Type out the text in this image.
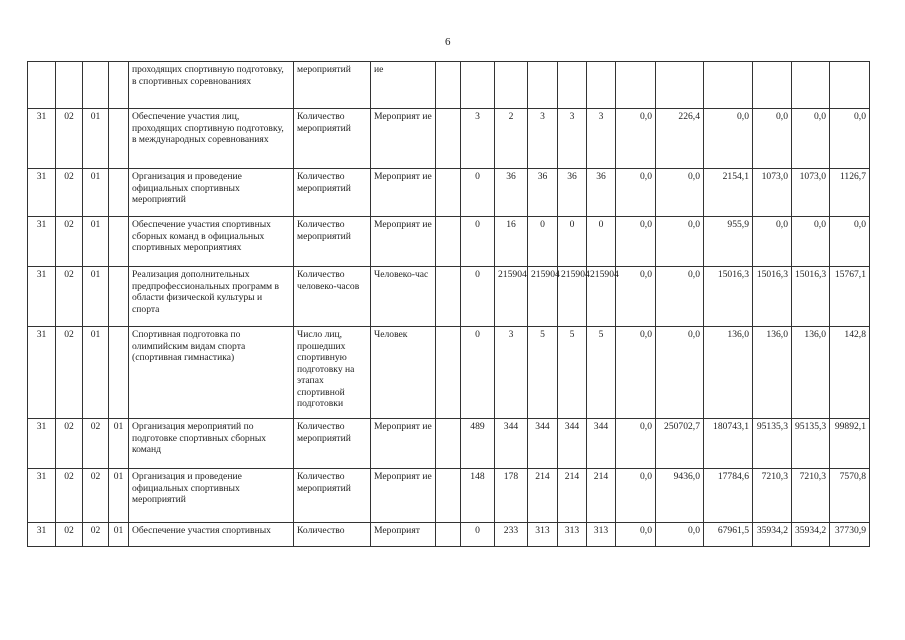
6
				проходящих спортивную подготовку, в спортивных соревнованиях	мероприятий	ие												
31	02	01		Обеспечение участия лиц, проходящих спортивную подготовку, в международных соревнованиях	Количество мероприятий	Мероприят ие		3	2	3	3	3	0,0	226,4	0,0	0,0	0,0	0,0
31	02	01		Организация и проведение официальных спортивных мероприятий	Количество мероприятий	Мероприят ие		0	36	36	36	36	0,0	0,0	2154,1	1073,0	1073,0	1126,7
31	02	01		Обеспечение участия спортивных сборных команд в официальных спортивных мероприятиях	Количество мероприятий	Мероприят ие		0	16	0	0	0	0,0	0,0	955,9	0,0	0,0	0,0
31	02	01		Реализация дополнительных предпрофессиональных программ в области физической культуры и спорта	Количество человеко-часов	Человеко-час		0	215904	215904	215904	215904	0,0	0,0	15016,3	15016,3	15016,3	15767,1
31	02	01		Спортивная подготовка по олимпийским видам спорта (спортивная гимнастика)	Число лиц, прошедших спортивную подготовку на этапах спортивной подготовки	Человек		0	3	5	5	5	0,0	0,0	136,0	136,0	136,0	142,8
31	02	02	01	Организация мероприятий по подготовке спортивных сборных команд	Количество мероприятий	Мероприят ие		489	344	344	344	344	0,0	250702,7	180743,1	95135,3	95135,3	99892,1
31	02	02	01	Организация и проведение официальных спортивных мероприятий	Количество мероприятий	Мероприят ие		148	178	214	214	214	0,0	9436,0	17784,6	7210,3	7210,3	7570,8
31	02	02	01	Обеспечение участия спортивных	Количество	Мероприят		0	233	313	313	313	0,0	0,0	67961,5	35934,2	35934,2	37730,9
